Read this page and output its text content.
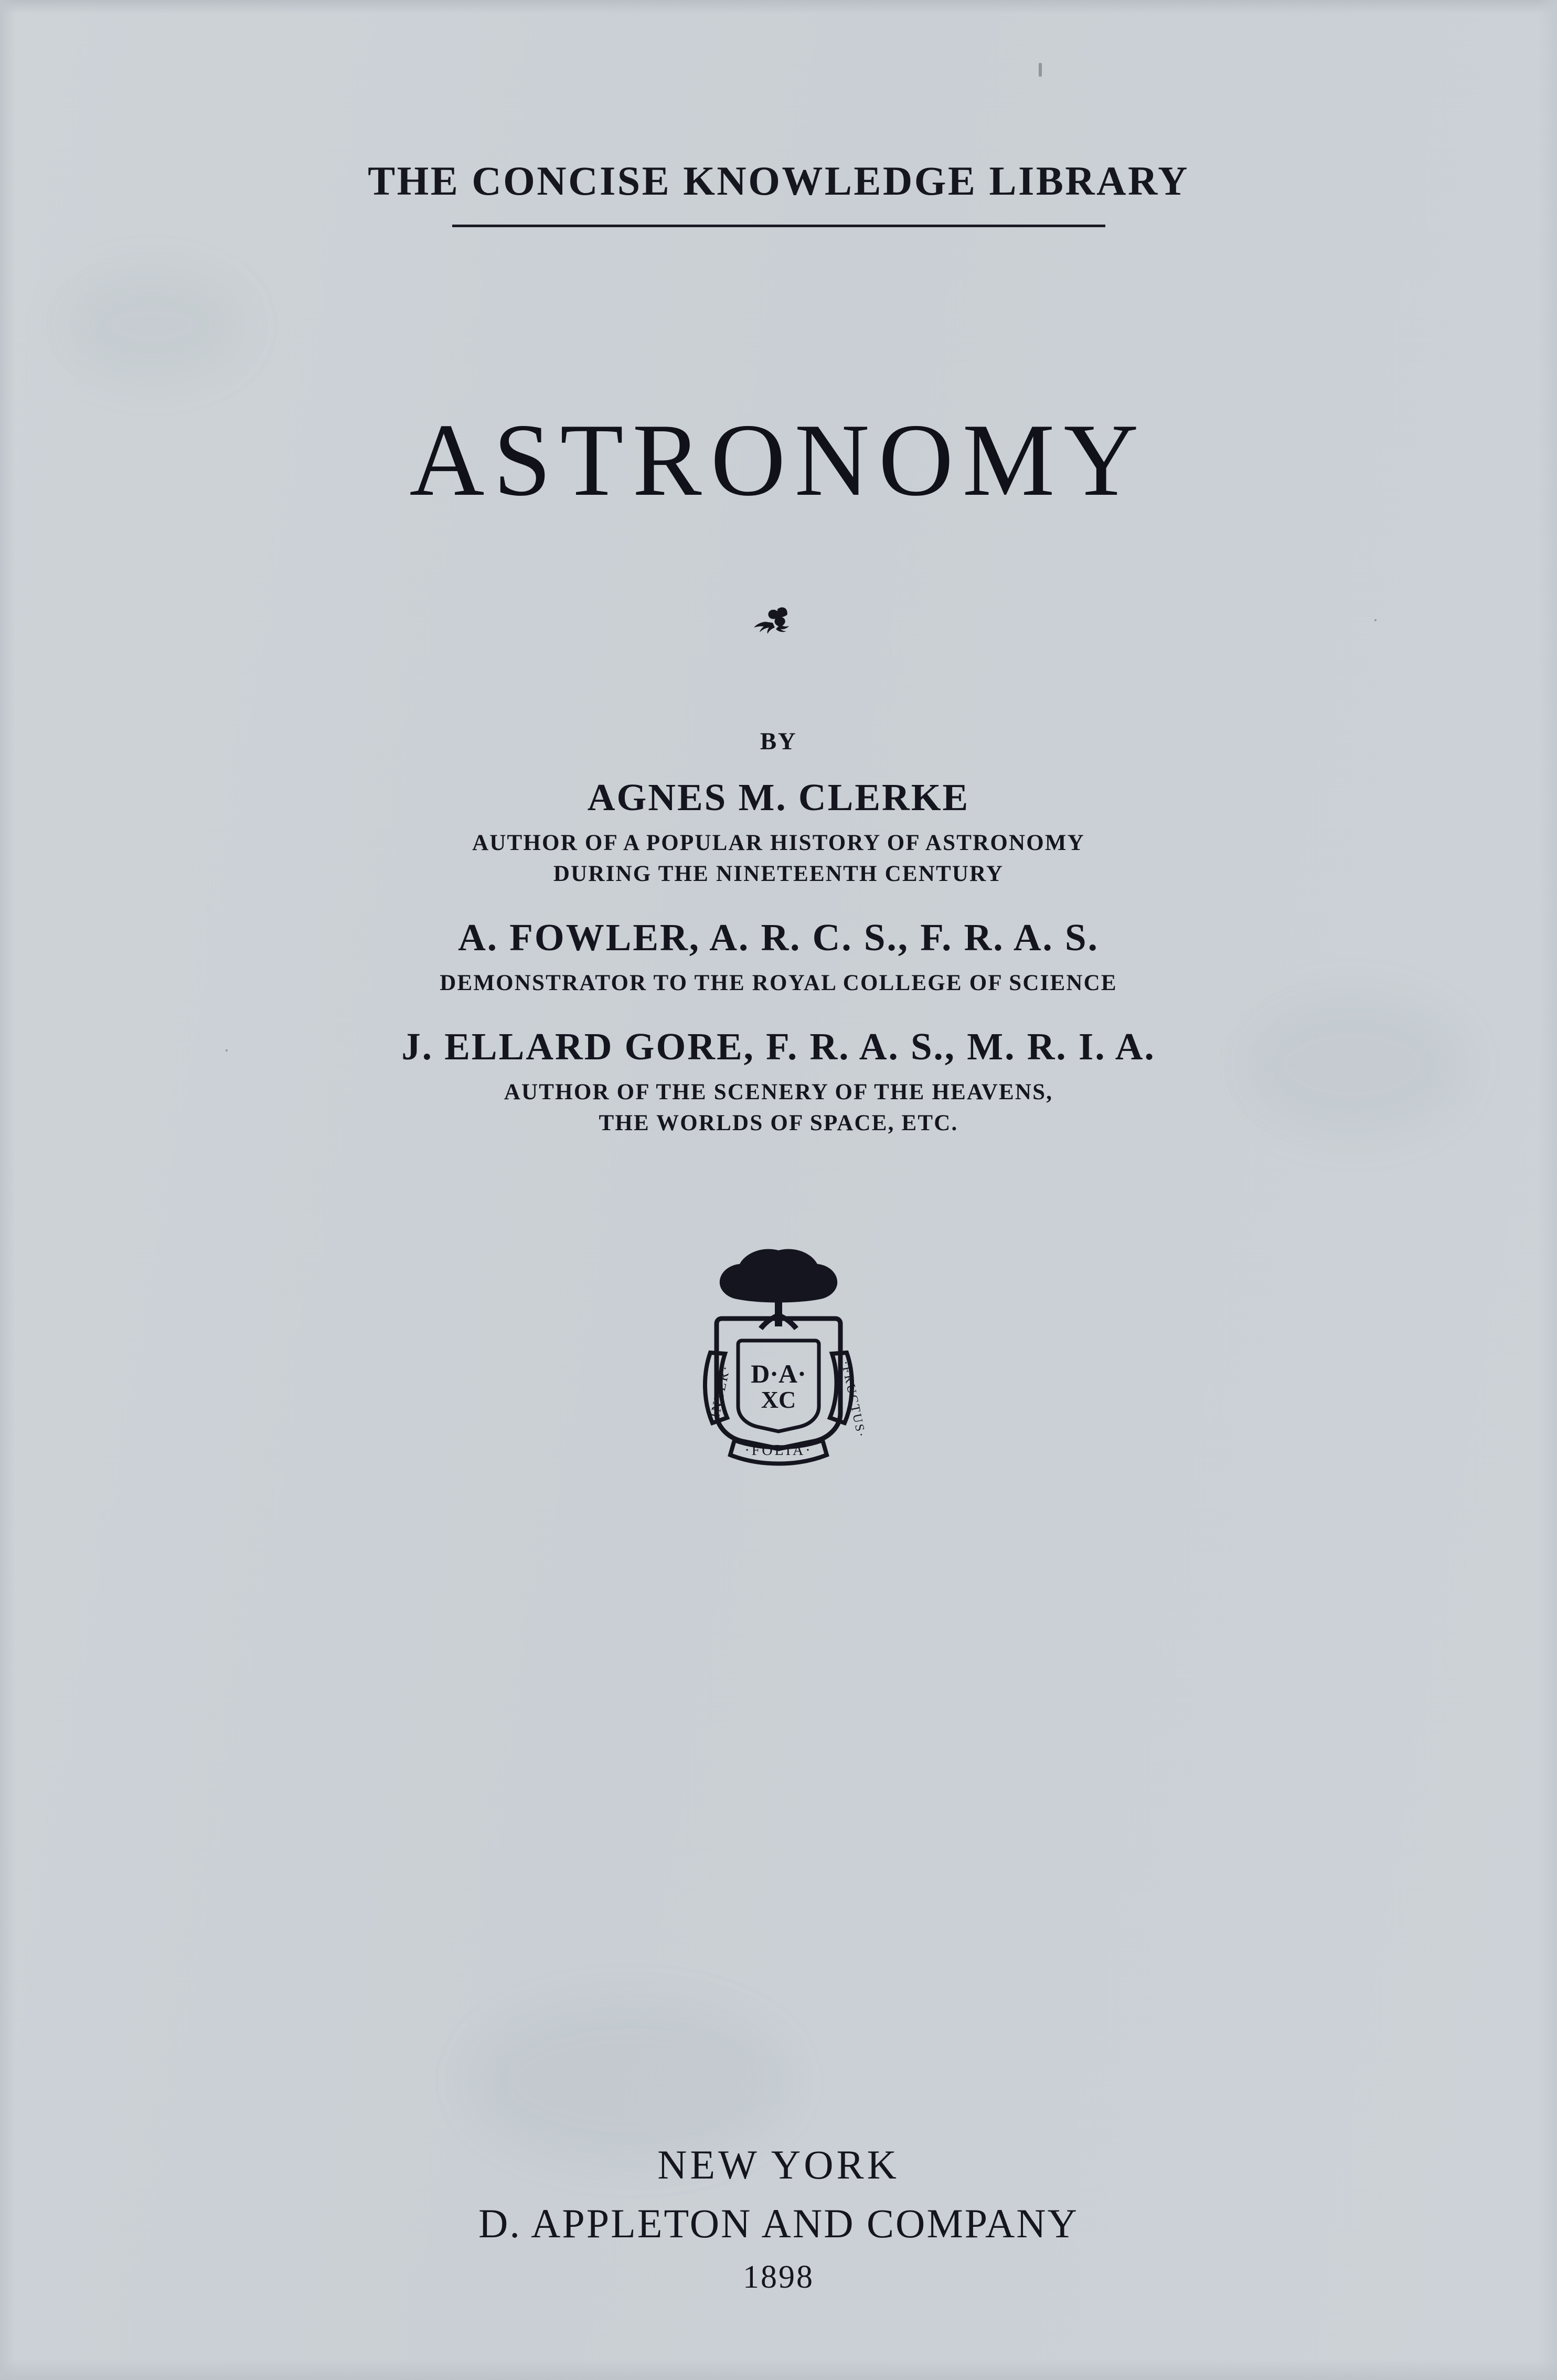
THE CONCISE KNOWLEDGE LIBRARY
ASTRONOMY
BY
AGNES M. CLERKE
AUTHOR OF A POPULAR HISTORY OF ASTRONOMY
DURING THE NINETEENTH CENTURY
A. FOWLER, A. R. C. S., F. R. A. S.
DEMONSTRATOR TO THE ROYAL COLLEGE OF SCIENCE
J. ELLARD GORE, F. R. A. S., M. R. I. A.
AUTHOR OF THE SCENERY OF THE HEAVENS,
THE WORLDS OF SPACE, ETC.
D·A·
XC
·INTER·	·FRUCTUS·
·FOLIA·
NEW YORK
D. APPLETON AND COMPANY
1898
